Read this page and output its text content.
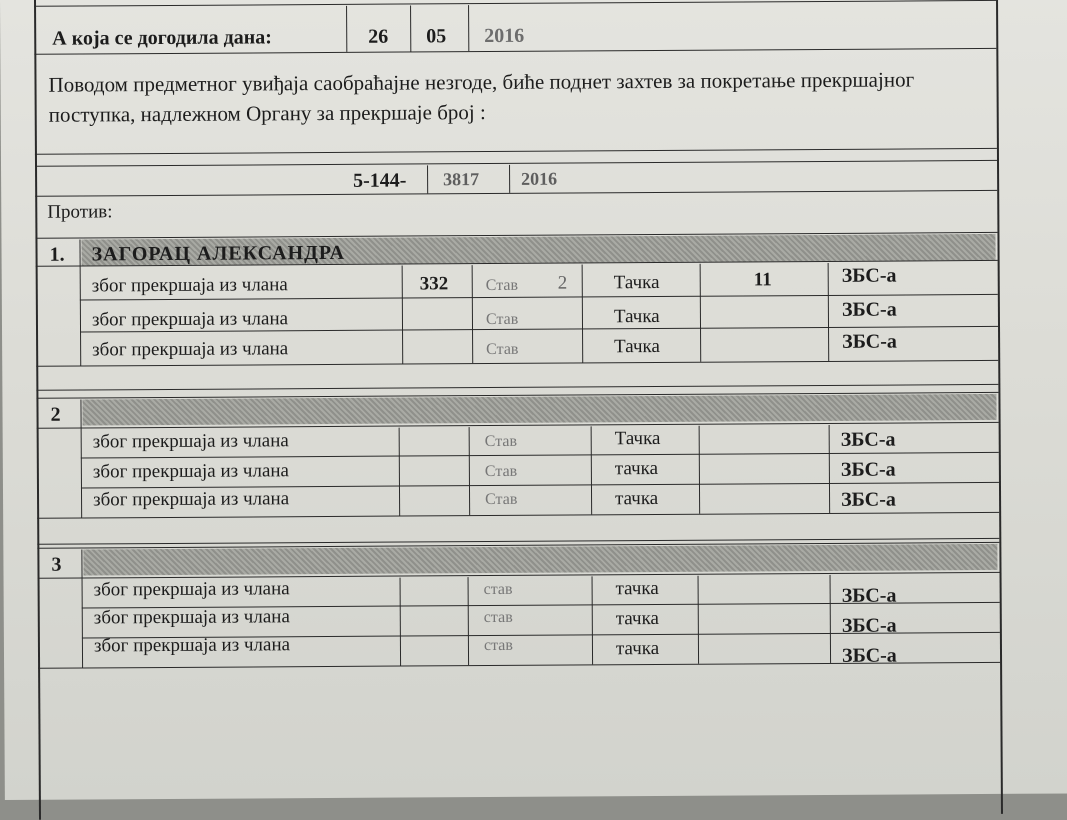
А која се догодила дана:	26 05 2016
Поводом предметног увиђаја саобраћајне незгоде, биће поднет захтев за покретање прекршајног поступка, надлежном Органу за прекршаје број :
5-144- 3817 2016
Против:
1. ЗАГОРАЦ АЛЕКСАНДРА
због прекршаја из члана	332 Став 2 Тачка	11	ЗБС-а
због прекршаја из члана	Став	Тачка	ЗБС-а
због прекршаја из члана	Став	Тачка	ЗБС-а
2
због прекршаја из члана	Став	Тачка	ЗБС-а
због прекршаја из члана	Став	тачка	ЗБС-а
због прекршаја из члана	Став	тачка	ЗБС-а
3
због прекршаја из члана	став	тачка	ЗБС-а
због прекршаја из члана	став	тачка	ЗБС-а
због прекршаја из члана	став	тачка	ЗБС-а
